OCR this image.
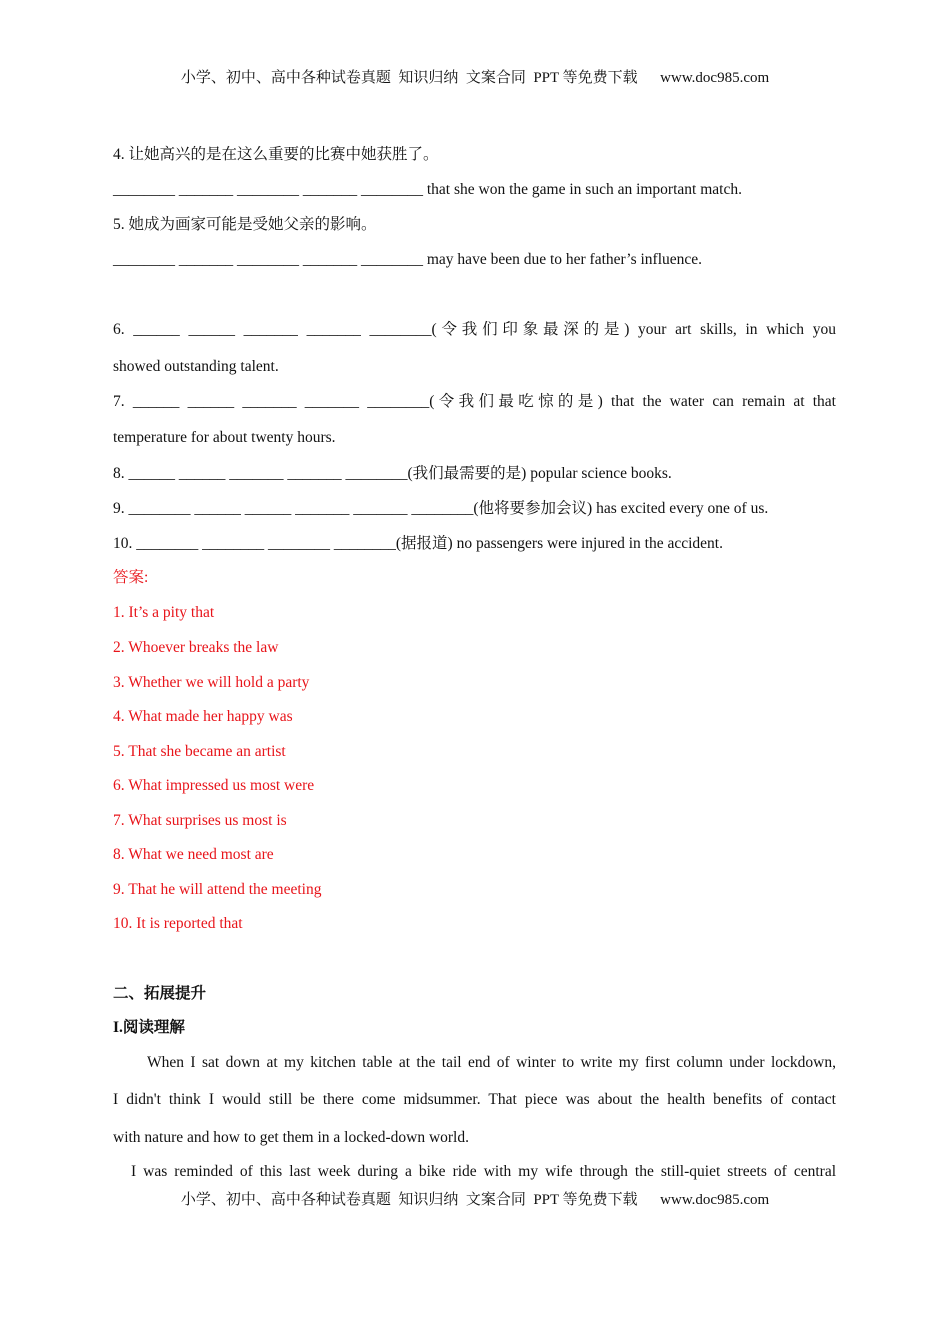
小学、初中、高中各种试卷真题  知识归纳  文案合同  PPT 等免费下载 www.doc985.com
4. 让她高兴的是在这么重要的比赛中她获胜了。
________ _______ ________ _______ ________ that she won the game in such an important match.
5. 她成为画家可能是受她父亲的影响。
________ _______ ________ _______ ________ may have been due to her father’s influence.
6. ______ ______ _______ _______ ________(令我们印象最深的是) your art skills, in which you
showed outstanding talent.
7. ______ ______ _______ _______ ________(令我们最吃惊的是) that the water can remain at that
temperature for about twenty hours.
8. ______ ______ _______ _______ ________(我们最需要的是) popular science books.
9. ________ ______ ______ _______ _______ ________(他将要参加会议) has excited every one of us.
10. ________ ________ ________ ________(据报道) no passengers were injured in the accident.
答案:
1. It’s a pity that
2. Whoever breaks the law
3. Whether we will hold a party
4. What made her happy was
5. That she became an artist
6. What impressed us most were
7. What surprises us most is
8. What we need most are
9. That he will attend the meeting
10. It is reported that
二、拓展提升
I.阅读理解
When I sat down at my kitchen table at the tail end of winter to write my first column under lockdown,
I didn't think I would still be there come midsummer. That piece was about the health benefits of contact
with nature and how to get them in a locked-down world.
I was reminded of this last week during a bike ride with my wife through the still-quiet streets of central
小学、初中、高中各种试卷真题  知识归纳  文案合同  PPT 等免费下载 www.doc985.com
